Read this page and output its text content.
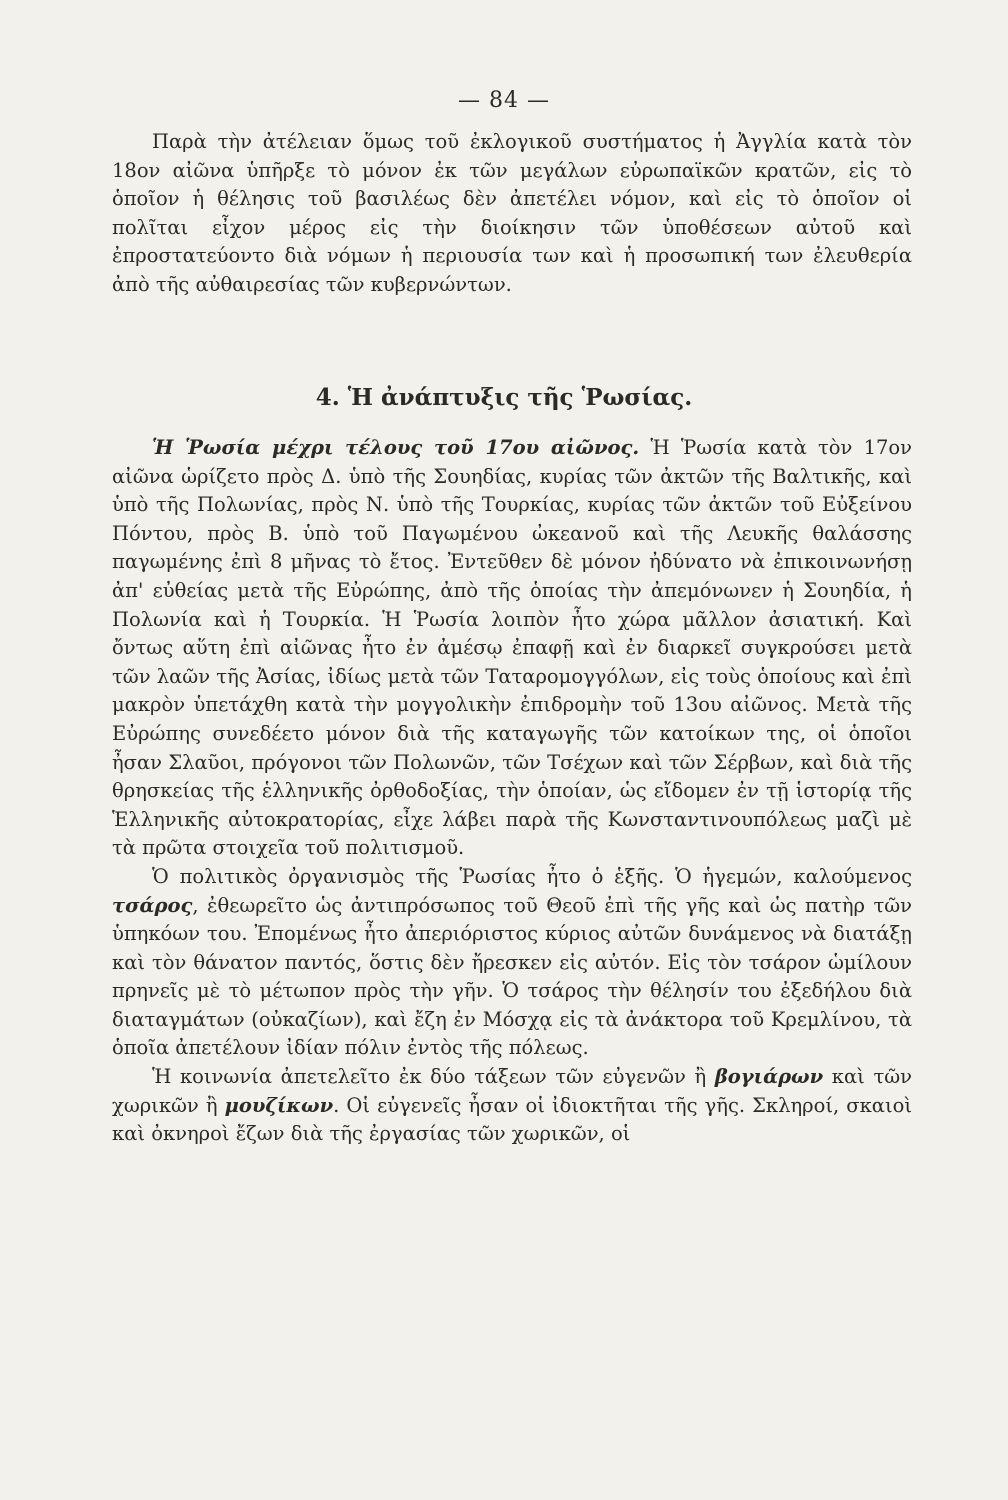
— 84 —

Παρὰ τὴν ἀτέλειαν ὅμως τοῦ ἐκλογικοῦ συστήματος ἡ Ἀγγλία κατὰ τὸν 18ον αἰῶνα ὑπῆρξε τὸ μόνον ἐκ τῶν μεγάλων εὐρωπαϊκῶν κρατῶν, εἰς τὸ ὁποῖον ἡ θέλησις τοῦ βασιλέως δὲν ἀπετέλει νόμον, καὶ εἰς τὸ ὁποῖον οἱ πολῖται εἶχον μέρος εἰς τὴν διοίκησιν τῶν ὑποθέσεων αὐτοῦ καὶ ἐπροστατεύοντο διὰ νόμων ἡ περιουσία των καὶ ἡ προσωπική των ἐλευθερία ἀπὸ τῆς αὐθαιρεσίας τῶν κυβερνώντων.

4. Ἡ ἀνάπτυξις τῆς Ῥωσίας.

Ἡ Ῥωσία μέχρι τέλους τοῦ 17ου αἰῶνος. Ἡ Ῥωσία κατὰ τὸν 17ον αἰῶνα ὡρίζετο πρὸς Δ. ὑπὸ τῆς Σουηδίας, κυρίας τῶν ἀκτῶν τῆς Βαλτικῆς, καὶ ὑπὸ τῆς Πολωνίας, πρὸς Ν. ὑπὸ τῆς Τουρκίας, κυρίας τῶν ἀκτῶν τοῦ Εὐξείνου Πόντου, πρὸς Β. ὑπὸ τοῦ Παγωμένου ὠκεανοῦ καὶ τῆς Λευκῆς θαλάσσης παγωμένης ἐπὶ 8 μῆνας τὸ ἔτος. Ἐντεῦθεν δὲ μόνον ἠδύνατο νὰ ἐπικοινωνήσῃ ἀπ' εὐθείας μετὰ τῆς Εὐρώπης, ἀπὸ τῆς ὁποίας τὴν ἀπεμόνωνεν ἡ Σουηδία, ἡ Πολωνία καὶ ἡ Τουρκία. Ἡ Ῥωσία λοιπὸν ἦτο χώρα μᾶλλον ἀσιατική. Καὶ ὄντως αὕτη ἐπὶ αἰῶνας ἦτο ἐν ἀμέσῳ ἐπαφῇ καὶ ἐν διαρκεῖ συγκρούσει μετὰ τῶν λαῶν τῆς Ἀσίας, ἰδίως μετὰ τῶν Ταταρομογγόλων, εἰς τοὺς ὁποίους καὶ ἐπὶ μακρὸν ὑπετάχθη κατὰ τὴν μογγολικὴν ἐπιδρομὴν τοῦ 13ου αἰῶνος. Μετὰ τῆς Εὐρώπης συνεδέετο μόνον διὰ τῆς καταγωγῆς τῶν κατοίκων της, οἱ ὁποῖοι ἦσαν Σλαῦοι, πρόγονοι τῶν Πολωνῶν, τῶν Τσέχων καὶ τῶν Σέρβων, καὶ διὰ τῆς θρησκείας τῆς ἑλληνικῆς ὀρθοδοξίας, τὴν ὁποίαν, ὡς εἴδομεν ἐν τῇ ἱστορίᾳ τῆς Ἑλληνικῆς αὐτοκρατορίας, εἶχε λάβει παρὰ τῆς Κωνσταντινουπόλεως μαζὶ μὲ τὰ πρῶτα στοιχεῖα τοῦ πολιτισμοῦ.

Ὁ πολιτικὸς ὀργανισμὸς τῆς Ῥωσίας ἦτο ὁ ἑξῆς. Ὁ ἡγεμών, καλούμενος τσάρος, ἐθεωρεῖτο ὡς ἀντιπρόσωπος τοῦ Θεοῦ ἐπὶ τῆς γῆς καὶ ὡς πατὴρ τῶν ὑπηκόων του. Ἐπομένως ἦτο ἀπεριόριστος κύριος αὐτῶν δυνάμενος νὰ διατάξῃ καὶ τὸν θάνατον παντός, ὅστις δὲν ἤρεσκεν εἰς αὐτόν. Εἰς τὸν τσάρον ὡμίλουν πρηνεῖς μὲ τὸ μέτωπον πρὸς τὴν γῆν. Ὁ τσάρος τὴν θέλησίν του ἐξεδήλου διὰ διαταγμάτων (οὐκαζίων), καὶ ἔζη ἐν Μόσχᾳ εἰς τὰ ἀνάκτορα τοῦ Κρεμλίνου, τὰ ὁποῖα ἀπετέλουν ἰδίαν πόλιν ἐντὸς τῆς πόλεως.

Ἡ κοινωνία ἀπετελεῖτο ἐκ δύο τάξεων τῶν εὐγενῶν ἢ βογιάρων καὶ τῶν χωρικῶν ἢ μουζίκων. Οἱ εὐγενεῖς ἦσαν οἱ ἰδιοκτῆται τῆς γῆς. Σκληροί, σκαιοὶ καὶ ὀκνηροὶ ἔζων διὰ τῆς ἐργασίας τῶν χωρικῶν, οἱ
